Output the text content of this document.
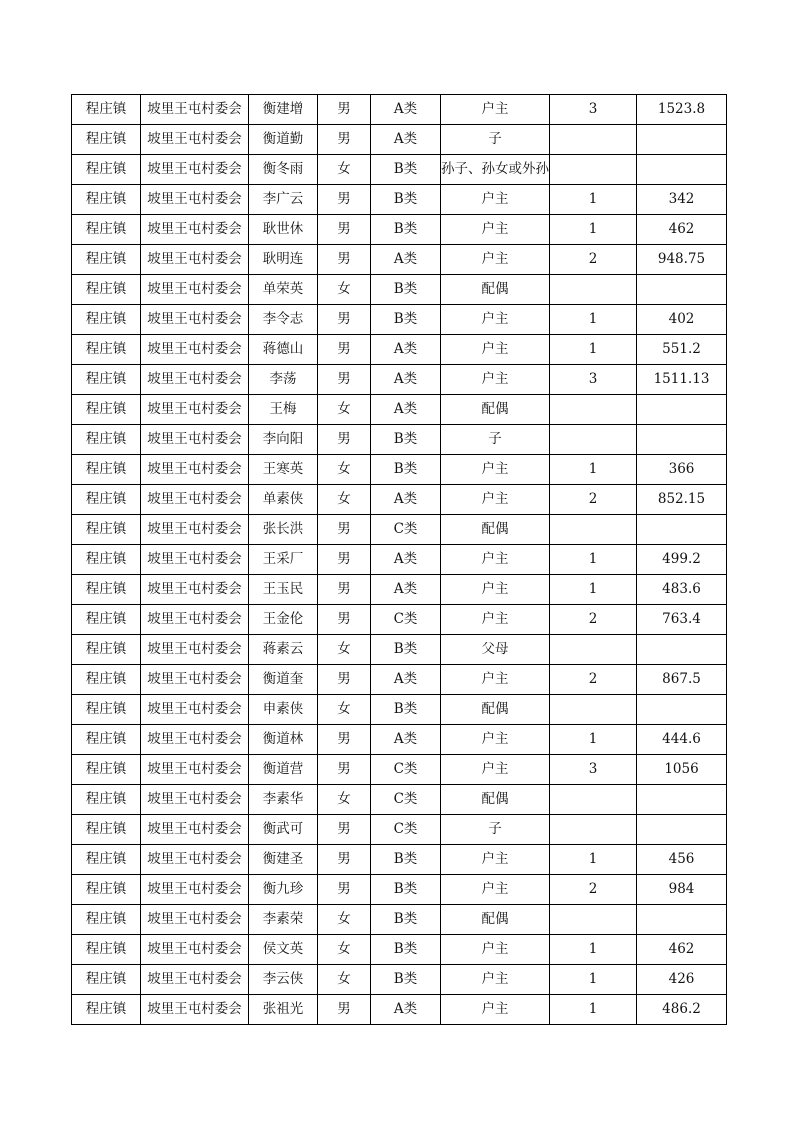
程庄镇	坡里王屯村委会	衡建增	男	A类	户主	3	1523.8
程庄镇	坡里王屯村委会	衡道勤	男	A类	子		
程庄镇	坡里王屯村委会	衡冬雨	女	B类	孙子、孙女或外孙		
程庄镇	坡里王屯村委会	李广云	男	B类	户主	1	342
程庄镇	坡里王屯村委会	耿世休	男	B类	户主	1	462
程庄镇	坡里王屯村委会	耿明连	男	A类	户主	2	948.75
程庄镇	坡里王屯村委会	单荣英	女	B类	配偶		
程庄镇	坡里王屯村委会	李令志	男	B类	户主	1	402
程庄镇	坡里王屯村委会	蒋德山	男	A类	户主	1	551.2
程庄镇	坡里王屯村委会	李荡	男	A类	户主	3	1511.13
程庄镇	坡里王屯村委会	王梅	女	A类	配偶		
程庄镇	坡里王屯村委会	李向阳	男	B类	子		
程庄镇	坡里王屯村委会	王寒英	女	B类	户主	1	366
程庄镇	坡里王屯村委会	单素侠	女	A类	户主	2	852.15
程庄镇	坡里王屯村委会	张长洪	男	C类	配偶		
程庄镇	坡里王屯村委会	王采厂	男	A类	户主	1	499.2
程庄镇	坡里王屯村委会	王玉民	男	A类	户主	1	483.6
程庄镇	坡里王屯村委会	王金伦	男	C类	户主	2	763.4
程庄镇	坡里王屯村委会	蒋素云	女	B类	父母		
程庄镇	坡里王屯村委会	衡道奎	男	A类	户主	2	867.5
程庄镇	坡里王屯村委会	申素侠	女	B类	配偶		
程庄镇	坡里王屯村委会	衡道林	男	A类	户主	1	444.6
程庄镇	坡里王屯村委会	衡道营	男	C类	户主	3	1056
程庄镇	坡里王屯村委会	李素华	女	C类	配偶		
程庄镇	坡里王屯村委会	衡武可	男	C类	子		
程庄镇	坡里王屯村委会	衡建圣	男	B类	户主	1	456
程庄镇	坡里王屯村委会	衡九珍	男	B类	户主	2	984
程庄镇	坡里王屯村委会	李素荣	女	B类	配偶		
程庄镇	坡里王屯村委会	侯文英	女	B类	户主	1	462
程庄镇	坡里王屯村委会	李云侠	女	B类	户主	1	426
程庄镇	坡里王屯村委会	张祖光	男	A类	户主	1	486.2
